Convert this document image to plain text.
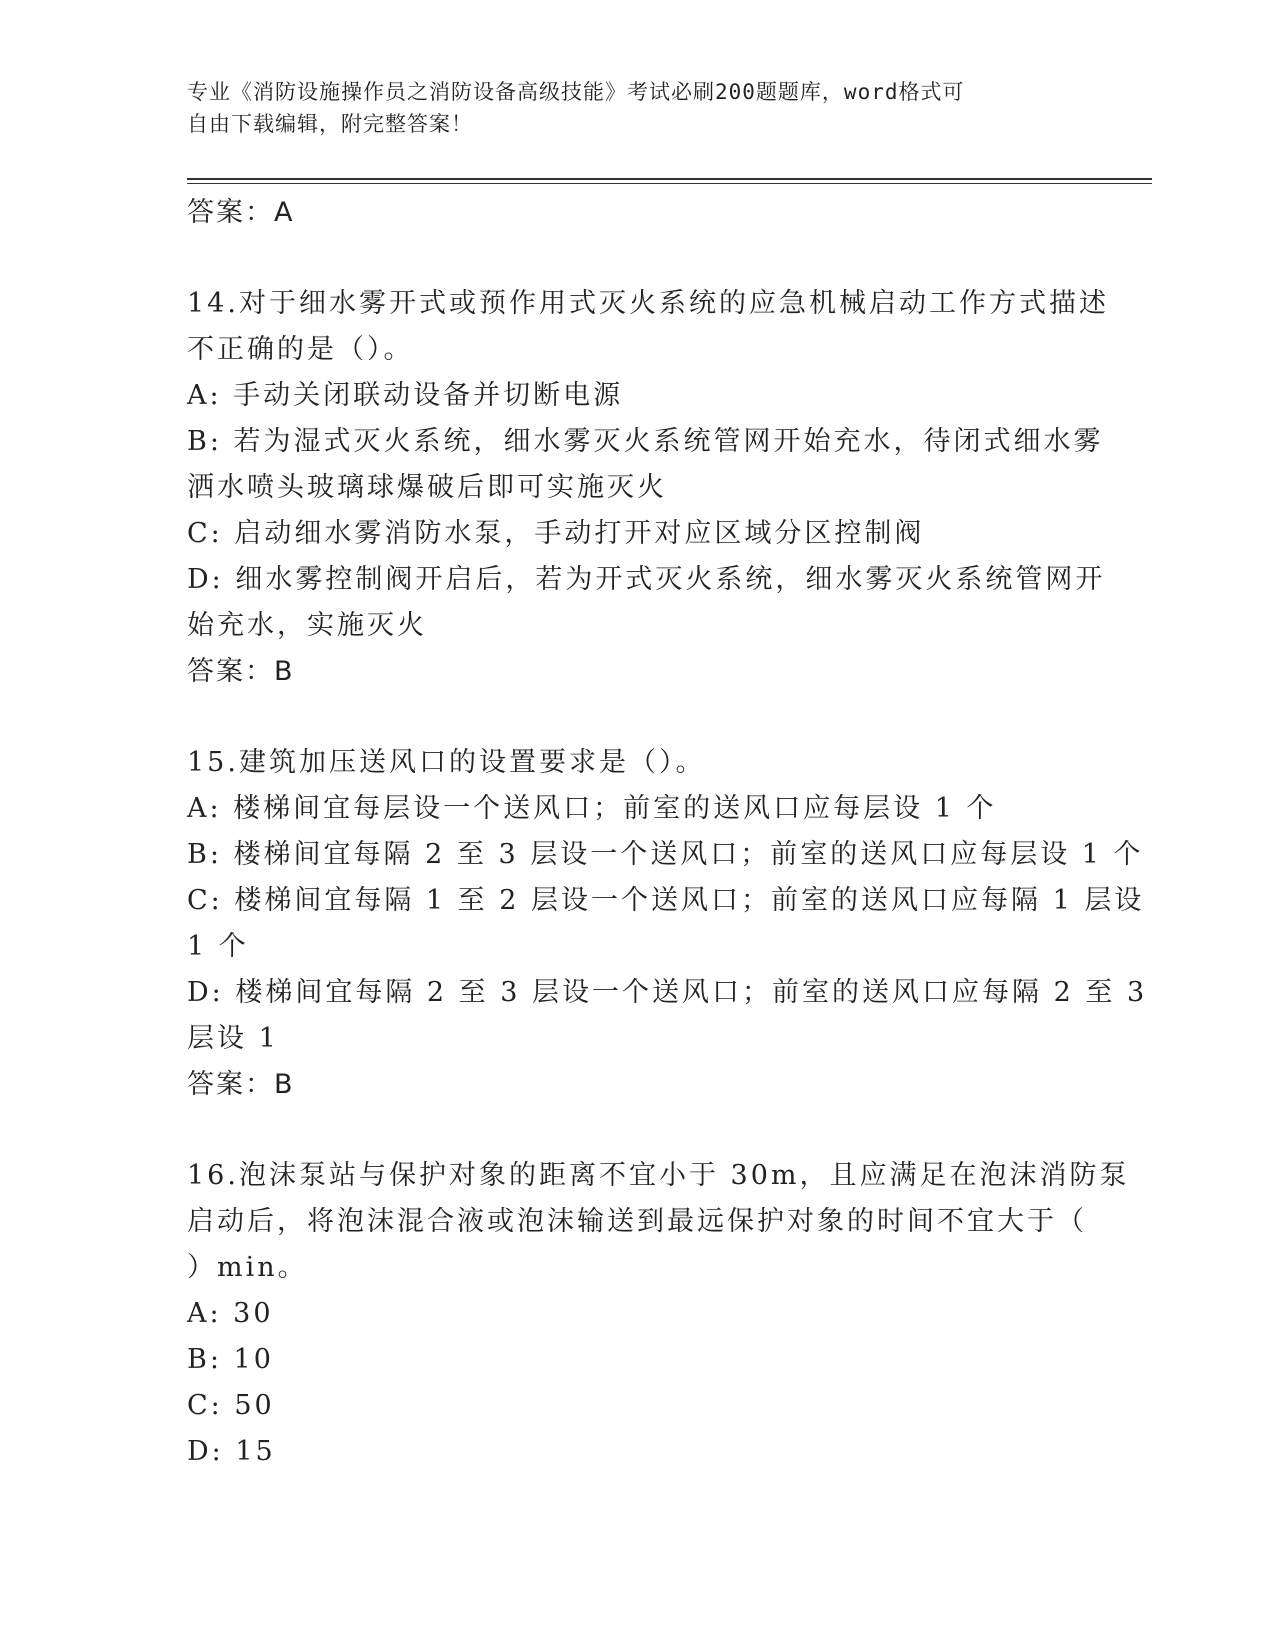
专业《消防设施操作员之消防设备高级技能》考试必刷200题题库，word格式可
自由下载编辑，附完整答案！
答案：A
14.对于细水雾开式或预作用式灭火系统的应急机械启动工作方式描述
不正确的是（）。
A: 手动关闭联动设备并切断电源
B: 若为湿式灭火系统，细水雾灭火系统管网开始充水，待闭式细水雾
洒水喷头玻璃球爆破后即可实施灭火
C: 启动细水雾消防水泵，手动打开对应区域分区控制阀
D: 细水雾控制阀开启后，若为开式灭火系统，细水雾灭火系统管网开
始充水，实施灭火
答案：B
15.建筑加压送风口的设置要求是（）。
A: 楼梯间宜每层设一个送风口；前室的送风口应每层设 1 个
B: 楼梯间宜每隔 2 至 3 层设一个送风口；前室的送风口应每层设 1 个
C: 楼梯间宜每隔 1 至 2 层设一个送风口；前室的送风口应每隔 1 层设
1 个
D: 楼梯间宜每隔 2 至 3 层设一个送风口；前室的送风口应每隔 2 至 3
层设 1
答案：B
16.泡沫泵站与保护对象的距离不宜小于 30m，且应满足在泡沫消防泵
启动后，将泡沫混合液或泡沫输送到最远保护对象的时间不宜大于（
）min。
A: 30
B: 10
C: 50
D: 15
